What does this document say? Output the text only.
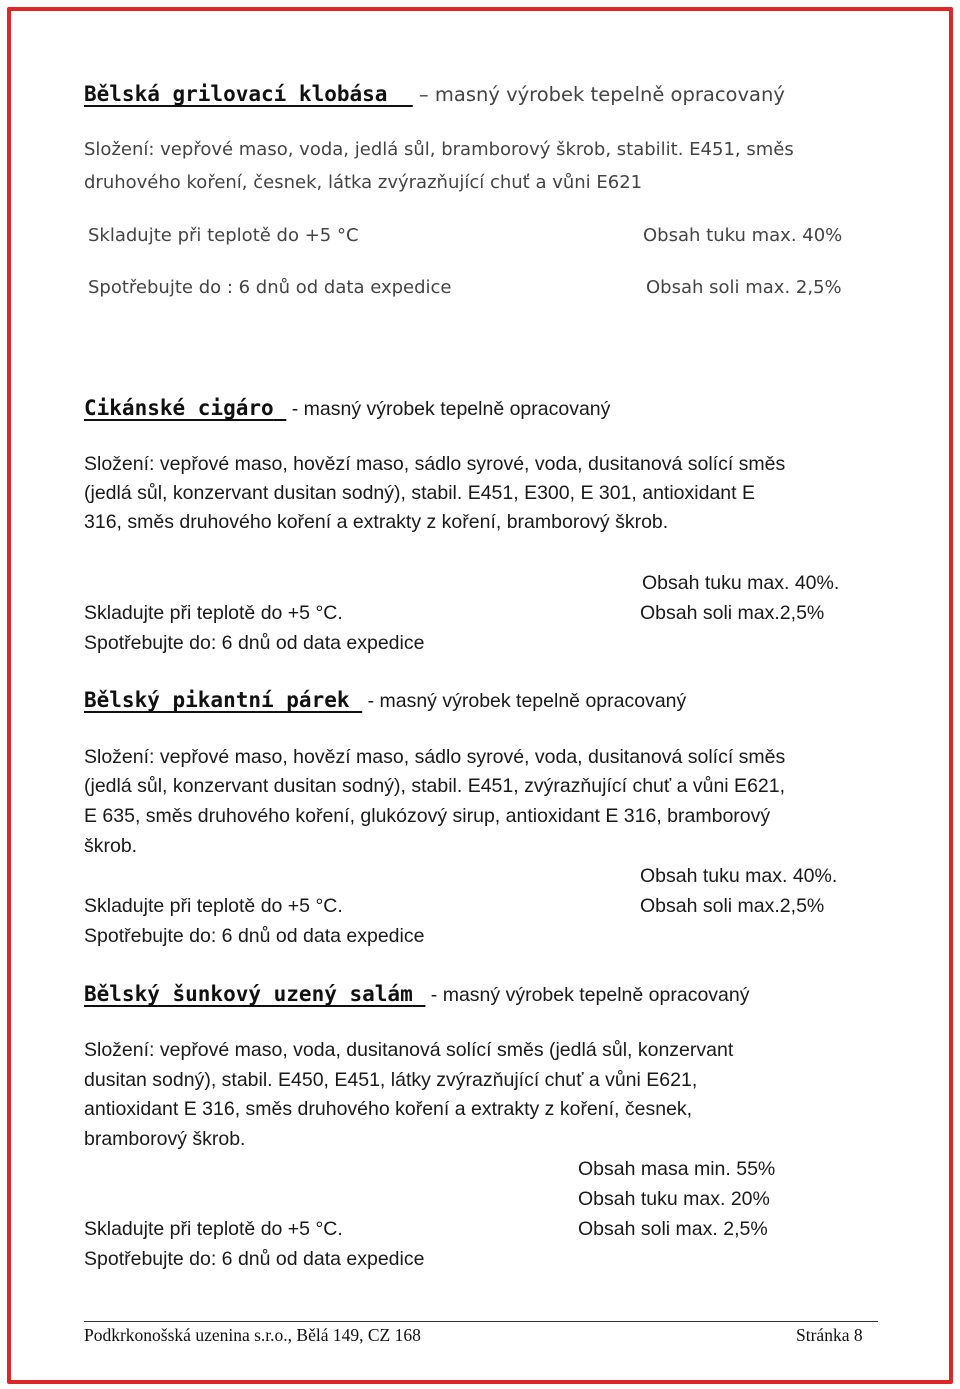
Bělská grilovací klobása   – masný výrobek tepelně opracovaný
Složení: vepřové maso, voda, jedlá sůl, bramborový škrob, stabilit. E451, směs
druhového koření, česnek, látka zvýrazňující chuť a vůni E621
Skladujte při teplotě do +5 °C	Obsah tuku max. 40%
Spotřebujte do : 6 dnů od data expedice	Obsah soli max. 2,5%
Cikánské cigáro  - masný výrobek tepelně opracovaný
Složení: vepřové maso, hovězí maso, sádlo syrové, voda, dusitanová solící směs
(jedlá sůl, konzervant dusitan sodný), stabil. E451, E300, E 301, antioxidant E
316, směs druhového koření a extrakty z koření, bramborový škrob.
Obsah tuku max. 40%.
Skladujte při teplotě do +5 °C.	Obsah soli max.2,5%
Spotřebujte do: 6 dnů od data expedice
Bělský pikantní párek  - masný výrobek tepelně opracovaný
Složení: vepřové maso, hovězí maso, sádlo syrové, voda, dusitanová solící směs
(jedlá sůl, konzervant dusitan sodný), stabil. E451, zvýrazňující chuť a vůni E621,
E 635, směs druhového koření, glukózový sirup, antioxidant E 316, bramborový
škrob.
Obsah tuku max. 40%.
Skladujte při teplotě do +5 °C.	Obsah soli max.2,5%
Spotřebujte do: 6 dnů od data expedice
Bělský šunkový uzený salám  - masný výrobek tepelně opracovaný
Složení: vepřové maso, voda, dusitanová solící směs (jedlá sůl, konzervant
dusitan sodný), stabil. E450, E451, látky zvýrazňující chuť a vůni E621,
antioxidant E 316, směs druhového koření a extrakty z koření, česnek,
bramborový škrob.
Obsah masa min. 55%
Obsah tuku max. 20%
Skladujte při teplotě do +5 °C.	Obsah soli max. 2,5%
Spotřebujte do: 6 dnů od data expedice
Podkrkonošská uzenina s.r.o., Bělá 149, CZ 168	Stránka 8
